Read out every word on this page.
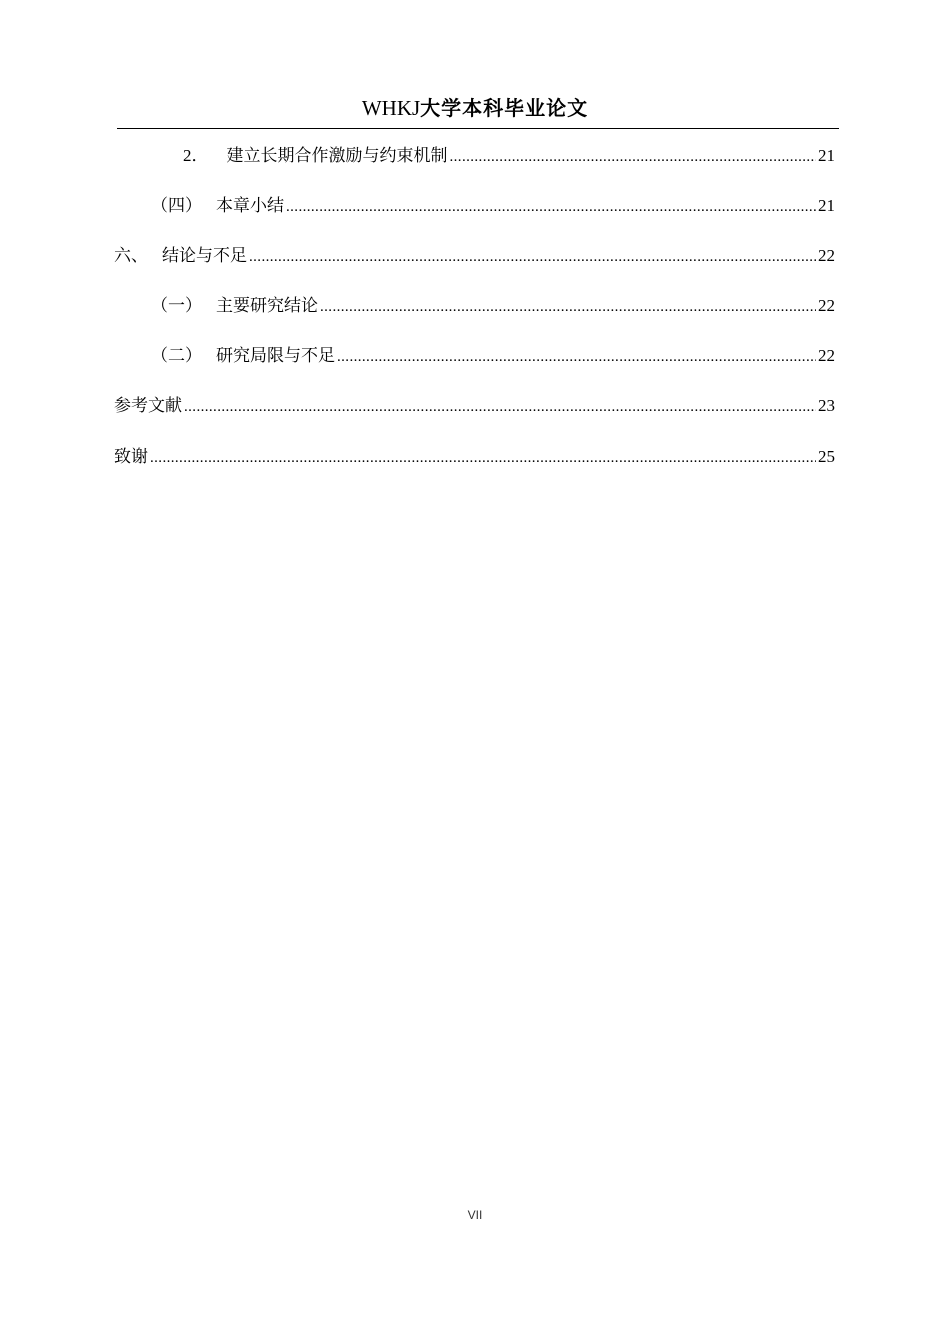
WHKJ大学本科毕业论文
2． 建立长期合作激励与约束机制 .....	21
（四） 本章小结 .....	21
六、 结论与不足 .....	22
（一） 主要研究结论 .....	22
（二） 研究局限与不足 .....	22
参考文献 .....	23
致谢 .....	25
VII
